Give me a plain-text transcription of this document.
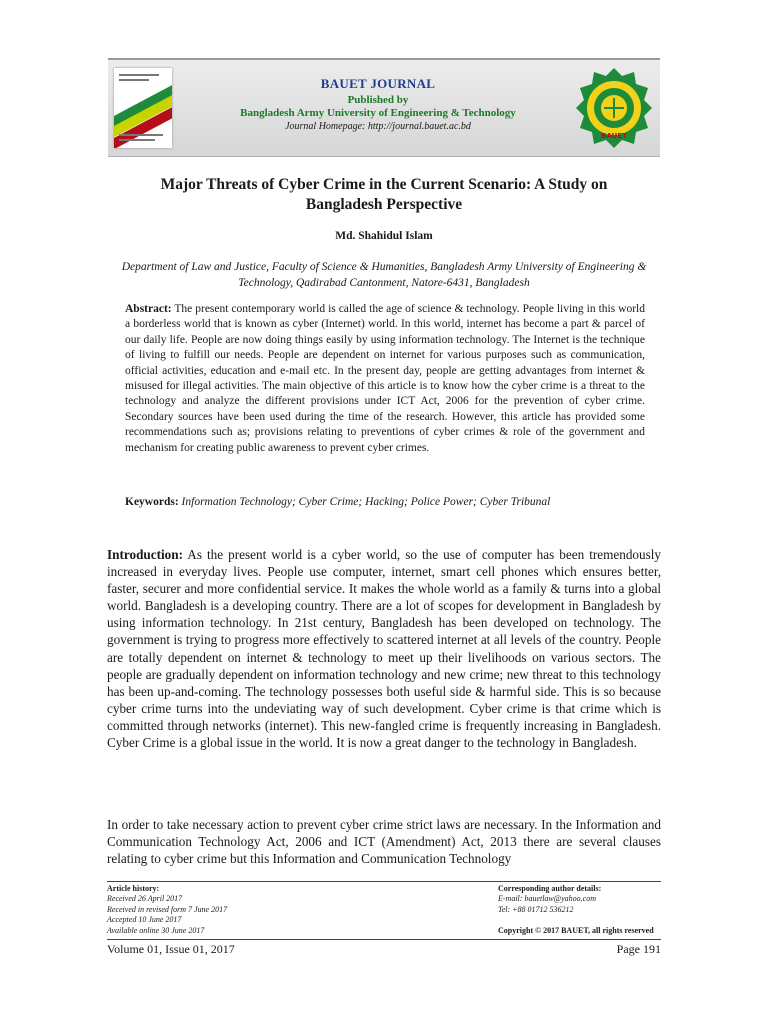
BAUET JOURNAL
Published by
Bangladesh Army University of Engineering & Technology
Journal Homepage: http://journal.bauet.ac.bd
BAUET
Major Threats of Cyber Crime in the Current Scenario: A Study on Bangladesh Perspective
Md. Shahidul Islam
Department of Law and Justice, Faculty of Science & Humanities, Bangladesh Army University of Engineering & Technology, Qadirabad Cantonment, Natore-6431, Bangladesh
Abstract: The present contemporary world is called the age of science & technology. People living in this world a borderless world that is known as cyber (Internet) world. In this world, internet has become a part & parcel of our daily life. People are now doing things easily by using information technology. The Internet is the technique of living to fulfill our needs. People are dependent on internet for various purposes such as communication, official activities, education and e-mail etc. In the present day, people are getting advantages from internet & misused for illegal activities. The main objective of this article is to know how the cyber crime is a threat to the technology and analyze the different provisions under ICT Act, 2006 for the prevention of cyber crime. Secondary sources have been used during the time of the research. However, this article has provided some recommendations such as; provisions relating to preventions of cyber crimes & role of the government and mechanism for creating public awareness to prevent cyber crimes.
Keywords: Information Technology; Cyber Crime; Hacking; Police Power; Cyber Tribunal
Introduction: As the present world is a cyber world, so the use of computer has been tremendously increased in everyday lives. People use computer, internet, smart cell phones which ensures better, faster, securer and more confidential service. It makes the whole world as a family & turns into a global world. Bangladesh is a developing country. There are a lot of scopes for development in Bangladesh by using information technology. In 21st century, Bangladesh has been developed on technology. The government is trying to progress more effectively to scattered internet at all levels of the country. People are totally dependent on internet & technology to meet up their livelihoods on various sectors. The people are gradually dependent on information technology and new crime; new threat to this technology has been up-and-coming. The technology possesses both useful side & harmful side. This is so because cyber crime turns into the undeviating way of such development. Cyber crime is that crime which is committed through networks (internet). This new-fangled crime is frequently increasing in Bangladesh. Cyber Crime is a global issue in the world. It is now a great danger to the technology in Bangladesh.
In order to take necessary action to prevent cyber crime strict laws are necessary. In the Information and Communication Technology Act, 2006 and ICT (Amendment) Act, 2013 there are several clauses relating to cyber crime but this Information and Communication Technology
Article history:
Received 26 April 2017
Received in revised form 7 June 2017
Accepted 10 June 2017
Available online 30 June 2017
Corresponding author details:
E-mail: bauetlaw@yahoo.com
Tel: +88 01712 536212
Copyright © 2017 BAUET, all rights reserved
Volume 01, Issue 01, 2017	Page 191
